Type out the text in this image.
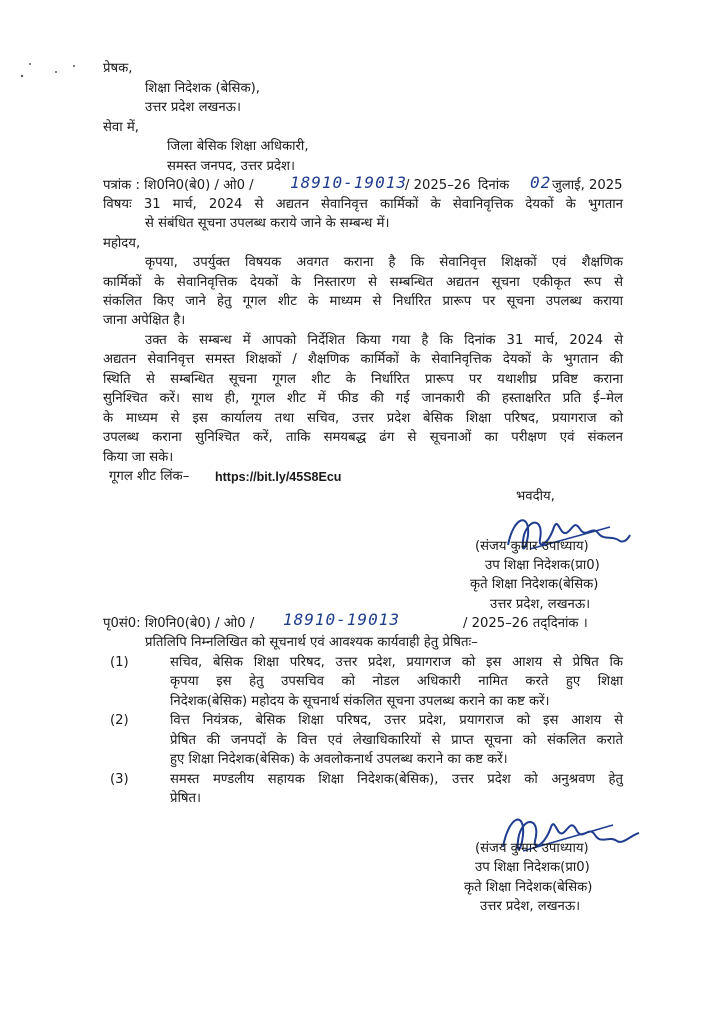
प्रेषक,
शिक्षा निदेशक (बेसिक),
उत्तर प्रदेश लखनऊ।
सेवा में,
जिला बेसिक शिक्षा अधिकारी,
समस्त जनपद, उत्तर प्रदेश।
पत्रांक : शि0नि0(बे0) / ओ0 / 18910-19013
/ 2025–26 दिनांक 02 जुलाई, 2025
विषयः 31 मार्च, 2024 से अद्यतन सेवानिवृत्त कार्मिकों के सेवानिवृत्तिक देयकों के भुगतान
से संबंधित सूचना उपलब्ध कराये जाने के सम्बन्ध में।
महोदय,
कृपया, उपर्युक्त विषयक अवगत कराना है कि सेवानिवृत्त शिक्षकों एवं शैक्षणिक
कार्मिकों के सेवानिवृत्तिक देयकों के निस्तारण से सम्बन्धित अद्यतन सूचना एकीकृत रूप से
संकलित किए जाने हेतु गूगल शीट के माध्यम से निर्धारित प्रारूप पर सूचना उपलब्ध कराया
जाना अपेक्षित है।
उक्त के सम्बन्ध में आपको निर्देशित किया गया है कि दिनांक 31 मार्च, 2024 से
अद्यतन सेवानिवृत्त समस्त शिक्षकों / शैक्षणिक कार्मिकों के सेवानिवृत्तिक देयकों के भुगतान की
स्थिति से सम्बन्धित सूचना गूगल शीट के निर्धारित प्रारूप पर यथाशीघ्र प्रविष्ट कराना
सुनिश्चित करें। साथ ही, गूगल शीट में फीड की गई जानकारी की हस्ताक्षरित प्रति ई–मेल
के माध्यम से इस कार्यालय तथा सचिव, उत्तर प्रदेश बेसिक शिक्षा परिषद, प्रयागराज को
उपलब्ध कराना सुनिश्चित करें, ताकि समयबद्ध ढंग से सूचनाओं का परीक्षण एवं संकलन
किया जा सके।
गूगल शीट लिंक– https://bit.ly/45S8Ecu
भवदीय,
(संजय कुमार उपाध्याय)
उप शिक्षा निदेशक(प्रा0)
कृते शिक्षा निदेशक(बेसिक)
उत्तर प्रदेश, लखनऊ।
पृ0सं0: शि0नि0(बे0) / ओ0 / 18910-19013	/ 2025–26 तद्‌दिनांक ।
प्रतिलिपि निम्नलिखित को सूचनार्थ एवं आवश्यक कार्यवाही हेतु प्रेषितः–
(1)	सचिव, बेसिक शिक्षा परिषद, उत्तर प्रदेश, प्रयागराज को इस आशय से प्रेषित कि
कृपया इस हेतु उपसचिव को नोडल अधिकारी नामित करते हुए शिक्षा
निदेशक(बेसिक) महोदय के सूचनार्थ संकलित सूचना उपलब्ध कराने का कष्ट करें।
(2)	वित्त नियंत्रक, बेसिक शिक्षा परिषद, उत्तर प्रदेश, प्रयागराज को इस आशय से
प्रेषित की जनपदों के वित्त एवं लेखाधिकारियों से प्राप्त सूचना को संकलित कराते
हुए शिक्षा निदेशक(बेसिक) के अवलोकनार्थ उपलब्ध कराने का कष्ट करें।
(3)	समस्त मण्डलीय सहायक शिक्षा निदेशक(बेसिक), उत्तर प्रदेश को अनुश्रवण हेतु
प्रेषित।
(संजय कुमार उपाध्याय)
उप शिक्षा निदेशक(प्रा0)
कृते शिक्षा निदेशक(बेसिक)
उत्तर प्रदेश, लखनऊ।
